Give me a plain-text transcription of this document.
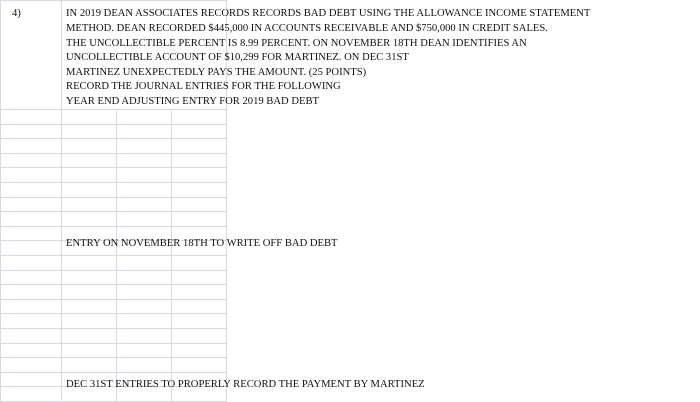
4)	IN 2019 DEAN ASSOCIATES RECORDS RECORDS BAD DEBT USING THE ALLOWANCE INCOME STATEMENT
METHOD. DEAN RECORDED $445,000 IN ACCOUNTS RECEIVABLE AND $750,000 IN CREDIT SALES.
THE UNCOLLECTIBLE PERCENT IS 8.99 PERCENT. ON NOVEMBER 18TH DEAN IDENTIFIES AN
UNCOLLECTIBLE ACCOUNT OF $10,299 FOR MARTINEZ. ON DEC 31ST
MARTINEZ UNEXPECTEDLY PAYS THE AMOUNT. (25 POINTS)
RECORD THE JOURNAL ENTRIES FOR THE FOLLOWING
YEAR END ADJUSTING ENTRY FOR 2019 BAD DEBT
ENTRY ON NOVEMBER 18TH TO WRITE OFF BAD DEBT
DEC 31ST ENTRIES TO PROPERLY RECORD THE PAYMENT BY MARTINEZ
